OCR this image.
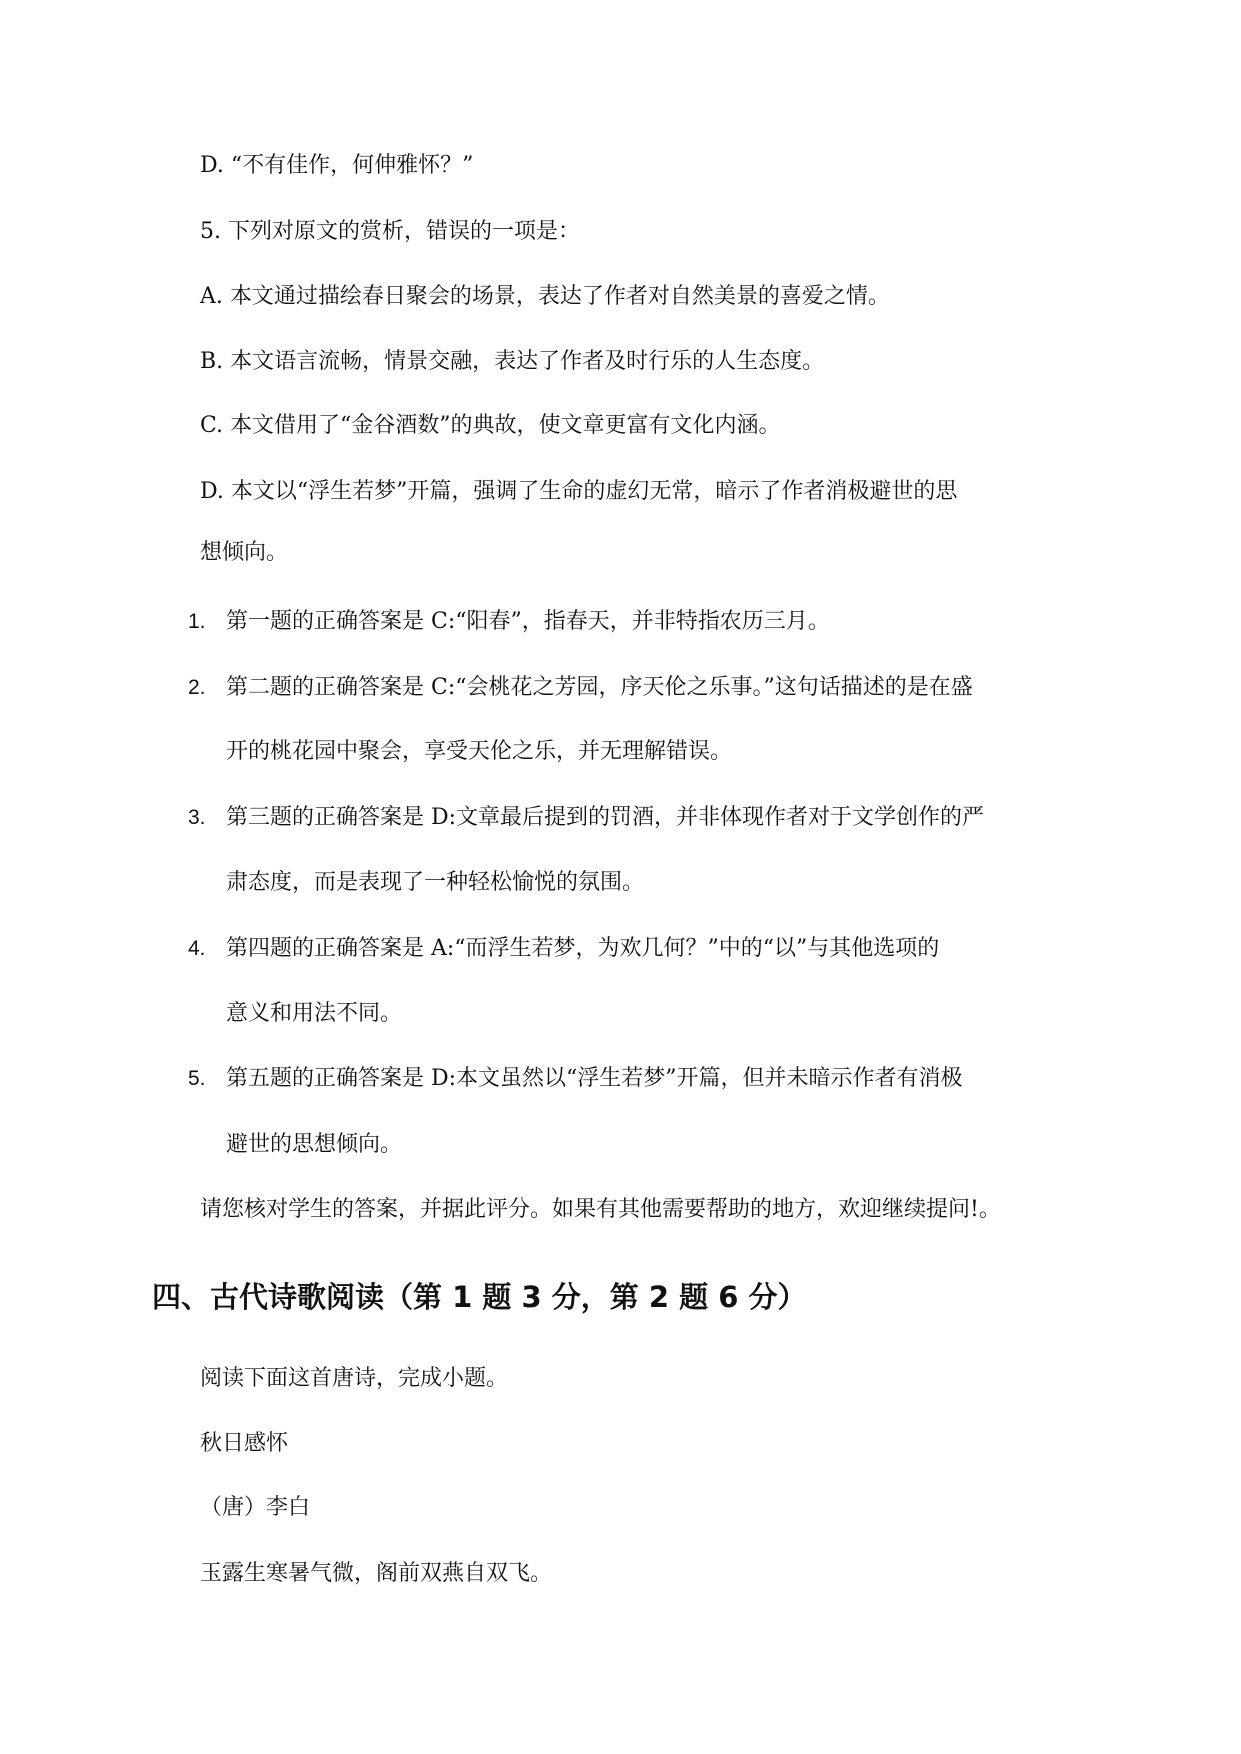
D. “不有佳作，何伸雅怀？”
5. 下列对原文的赏析，错误的一项是：
A. 本文通过描绘春日聚会的场景，表达了作者对自然美景的喜爱之情。
B. 本文语言流畅，情景交融，表达了作者及时行乐的人生态度。
C. 本文借用了“金谷酒数”的典故，使文章更富有文化内涵。
D. 本文以“浮生若梦”开篇，强调了生命的虚幻无常，暗示了作者消极避世的思
想倾向。
1. 第一题的正确答案是 C:“阳春”，指春天，并非特指农历三月。
2. 第二题的正确答案是 C:“会桃花之芳园，序天伦之乐事。”这句话描述的是在盛
开的桃花园中聚会，享受天伦之乐，并无理解错误。
3. 第三题的正确答案是 D:文章最后提到的罚酒，并非体现作者对于文学创作的严
肃态度，而是表现了一种轻松愉悦的氛围。
4. 第四题的正确答案是 A:“而浮生若梦，为欢几何？”中的“以”与其他选项的
意义和用法不同。
5. 第五题的正确答案是 D:本文虽然以“浮生若梦”开篇，但并未暗示作者有消极
避世的思想倾向。
请您核对学生的答案，并据此评分。如果有其他需要帮助的地方，欢迎继续提问!。
四、古代诗歌阅读（第 1 题 3 分，第 2 题 6 分）
阅读下面这首唐诗，完成小题。
秋日感怀
（唐）李白
玉露生寒暑气微，阁前双燕自双飞。
